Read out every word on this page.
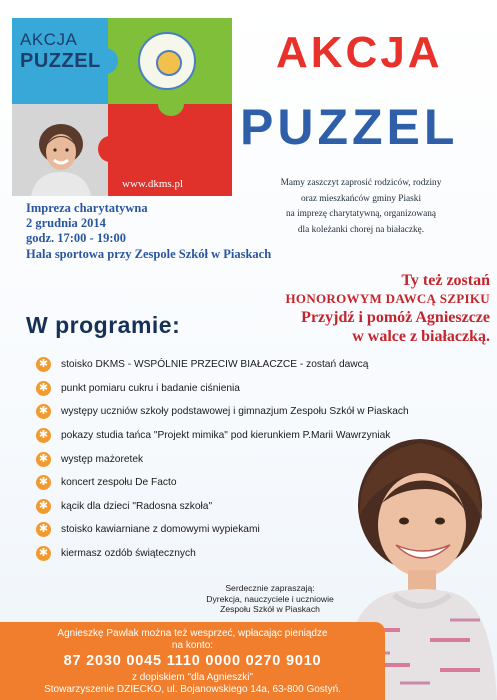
AKCJA
PUZZEL
www.dkms.pl
AKCJA
PUZZEL
Mamy zaszczyt zaprosić rodziców, rodziny
oraz mieszkańców gminy Piaski
na imprezę charytatywną, organizowaną
dla koleżanki chorej na białaczkę.
Impreza charytatywna
2 grudnia 2014
godz. 17:00 - 19:00
Hala sportowa przy Zespole Szkół w Piaskach
Ty też zostań
HONOROWYM DAWCĄ SZPIKU
Przyjdź i pomóż Agnieszcze
w walce z białaczką.
W programie:
✱ stoisko DKMS - WSPÓLNIE PRZECIW BIAŁACZCE - zostań dawcą
✱ punkt pomiaru cukru i badanie ciśnienia
✱ występy uczniów szkoły podstawowej i gimnazjum Zespołu Szkół w Piaskach
✱ pokazy studia tańca "Projekt mimika" pod kierunkiem P.Marii Wawrzyniak
✱ występ mażoretek
✱ koncert zespołu De Facto
✱ kącik dla dzieci "Radosna szkoła"
✱ stoisko kawiarniane z domowymi wypiekami
✱ kiermasz ozdób świątecznych
Serdecznie zapraszają:
Dyrekcja, nauczyciele i uczniowie
Zespołu Szkół w Piaskach
Agnieszkę Pawlak można też wesprzeć, wpłacając pieniądze
na konto:
87 2030 0045 1110 0000 0270 9010
z dopiskiem "dla Agnieszki"
Stowarzyszenie DZIECKO, ul. Bojanowskiego 14a, 63-800 Gostyń.
